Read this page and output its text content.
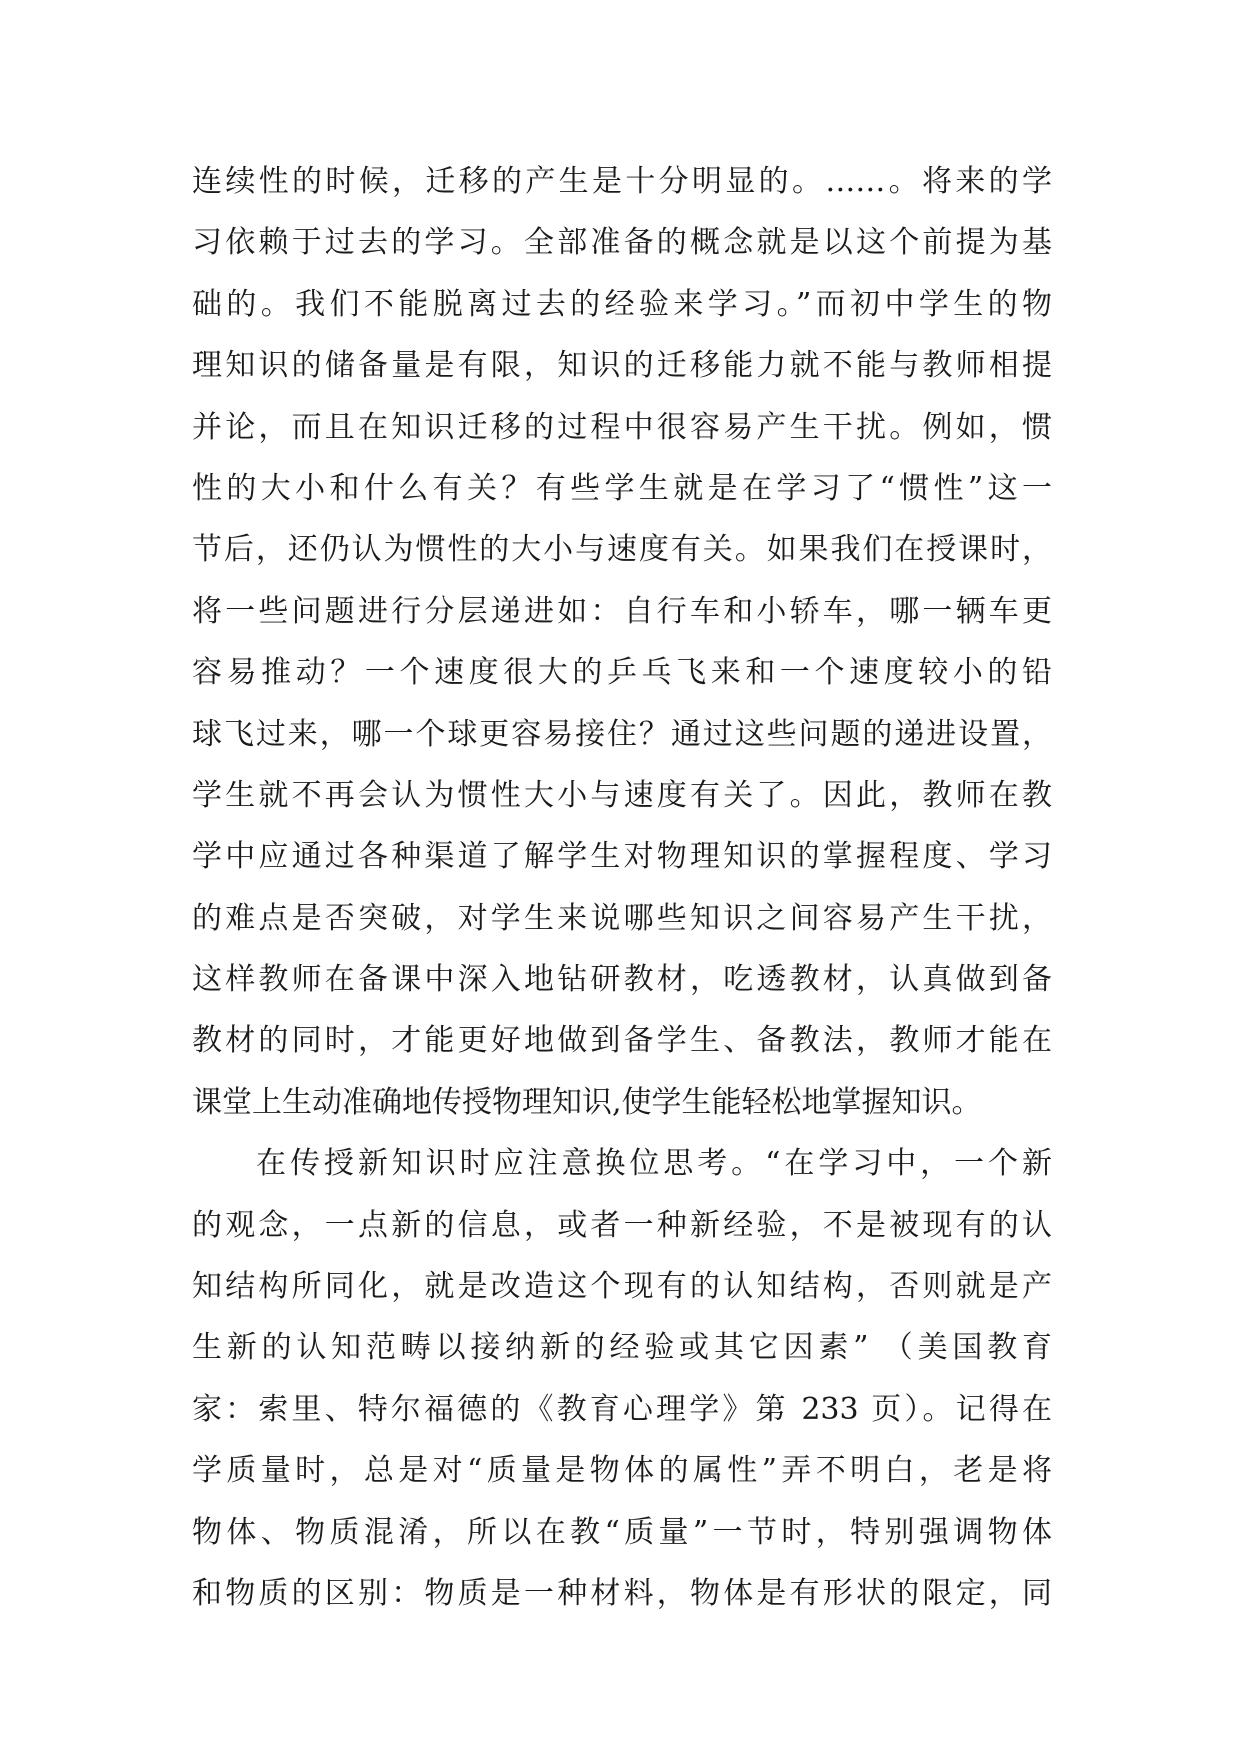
连续性的时候，迁移的产生是十分明显的。……。将来的学
习依赖于过去的学习。全部准备的概念就是以这个前提为基
础的。我们不能脱离过去的经验来学习。”而初中学生的物
理知识的储备量是有限，知识的迁移能力就不能与教师相提
并论，而且在知识迁移的过程中很容易产生干扰。例如，惯
性的大小和什么有关？有些学生就是在学习了“惯性”这一
节后，还仍认为惯性的大小与速度有关。如果我们在授课时，
将一些问题进行分层递进如：自行车和小轿车，哪一辆车更
容易推动？一个速度很大的乒乓飞来和一个速度较小的铅
球飞过来，哪一个球更容易接住？通过这些问题的递进设置，
学生就不再会认为惯性大小与速度有关了。因此，教师在教
学中应通过各种渠道了解学生对物理知识的掌握程度、学习
的难点是否突破，对学生来说哪些知识之间容易产生干扰，
这样教师在备课中深入地钻研教材，吃透教材，认真做到备
教材的同时，才能更好地做到备学生、备教法，教师才能在
课堂上生动准确地传授物理知识,使学生能轻松地掌握知识。
在传授新知识时应注意换位思考。“在学习中，一个新
的观念，一点新的信息，或者一种新经验，不是被现有的认
知结构所同化，就是改造这个现有的认知结构，否则就是产
生新的认知范畴以接纳新的经验或其它因素” （美国教育
家：索里、特尔福德的《教育心理学》第 233 页）。记得在
学质量时，总是对“质量是物体的属性”弄不明白，老是将
物体、物质混淆，所以在教“质量”一节时，特别强调物体
和物质的区别：物质是一种材料，物体是有形状的限定，同
